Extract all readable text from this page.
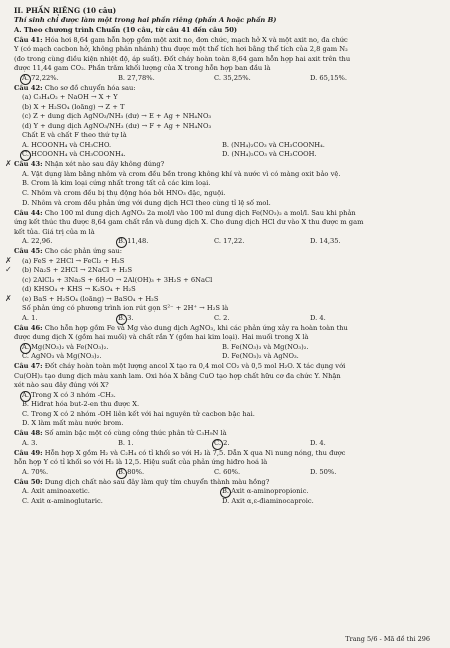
II. PHẦN RIÊNG (10 câu)
Thí sinh chỉ được làm một trong hai phần riêng (phần A hoặc phần B)
A. Theo chương trình Chuẩn (10 câu, từ câu 41 đến câu 50)
Câu 41: Hóa hơi 8,64 gam hỗn hợp gồm một axit no, đơn chức, mạch hở X và một axit no, đa chức
Y (có mạch cacbon hở, không phân nhánh) thu được một thể tích hơi bằng thể tích của 2,8 gam N₂
(đo trong cùng điều kiện nhiệt độ, áp suất). Đốt cháy hoàn toàn 8,64 gam hỗn hợp hai axit trên thu
được 11,44 gam CO₂. Phần trăm khối lượng của X trong hỗn hợp ban đầu là
A. 72,22%.	B. 27,78%.	C. 35,25%.	D. 65,15%.
Câu 42: Cho sơ đồ chuyển hóa sau:
(a) C₃H₄O₂ + NaOH → X + Y
(b) X + H₂SO₄ (loãng) → Z + T
(c) Z + dung dịch AgNO₃/NH₃ (dư) → E + Ag + NH₄NO₃
(d) Y + dung dịch AgNO₃/NH₃ (dư) → F + Ag + NH₄NO₃
Chất E và chất F theo thứ tự là
A. HCOONH₄ và CH₃CHO.	B. (NH₄)₂CO₃ và CH₃COONH₄.
C. HCOONH₄ và CH₃COONH₄.	D. (NH₄)₂CO₃ và CH₃COOH.
✗ Câu 43: Nhận xét nào sau đây không đúng?
A. Vật dụng làm bằng nhôm và crom đều bền trong không khí và nước vì có màng oxit bảo vệ.
B. Crom là kim loại cứng nhất trong tất cả các kim loại.
C. Nhôm và crom đều bị thụ động hóa bởi HNO₃ đặc, nguội.
D. Nhôm và crom đều phản ứng với dung dịch HCl theo cùng tỉ lệ số mol.
Câu 44: Cho 100 ml dung dịch AgNO₃ 2a mol/l vào 100 ml dung dịch Fe(NO₃)₂ a mol/l. Sau khi phản
ứng kết thúc thu được 8,64 gam chất rắn và dung dịch X. Cho dung dịch HCl dư vào X thu được m gam
kết tủa. Giá trị của m là
A. 22,96.	B. 11,48.	C. 17,22.	D. 14,35.
Câu 45: Cho các phản ứng sau:
✗ (a) FeS + 2HCl → FeCl₂ + H₂S
✓ (b) Na₂S + 2HCl → 2NaCl + H₂S
(c) 2AlCl₃ + 3Na₂S + 6H₂O → 2Al(OH)₃ + 3H₂S + 6NaCl
(d) KHSO₄ + KHS → K₂SO₄ + H₂S
✗ (e) BaS + H₂SO₄ (loãng) → BaSO₄ + H₂S
Số phản ứng có phương trình ion rút gọn S²⁻ + 2H⁺ → H₂S là
A. 1.	B. 3.	C. 2.	D. 4.
Câu 46: Cho hỗn hợp gồm Fe và Mg vào dung dịch AgNO₃, khi các phản ứng xảy ra hoàn toàn thu
được dung dịch X (gồm hai muối) và chất rắn Y (gồm hai kim loại). Hai muối trong X là
A. Mg(NO₃)₂ và Fe(NO₃)₂.	B. Fe(NO₃)₃ và Mg(NO₃)₂.
C. AgNO₃ và Mg(NO₃)₂.	D. Fe(NO₃)₂ và AgNO₃.
Câu 47: Đốt cháy hoàn toàn một lượng ancol X tạo ra 0,4 mol CO₂ và 0,5 mol H₂O. X tác dụng với
Cu(OH)₂ tạo dung dịch màu xanh lam. Oxi hóa X bằng CuO tạo hợp chất hữu cơ đa chức Y. Nhận
xét nào sau đây đúng với X?
A. Trong X có 3 nhóm -CH₃.
B. Hiđrat hóa but-2-en thu được X.
C. Trong X có 2 nhóm -OH liên kết với hai nguyên tử cacbon bậc hai.
D. X làm mất màu nước brom.
Câu 48: Số amin bậc một có cùng công thức phân tử C₃H₉N là
A. 3.	B. 1.	C. 2.	D. 4.
Câu 49: Hỗn hợp X gồm H₂ và C₂H₄ có tỉ khối so với H₂ là 7,5. Dẫn X qua Ni nung nóng, thu được
hỗn hợp Y có tỉ khối so với H₂ là 12,5. Hiệu suất của phản ứng hiđro hoá là
A. 70%.	B. 80%.	C. 60%.	D. 50%.
Câu 50: Dung dịch chất nào sau đây làm quỳ tím chuyển thành màu hồng?
A. Axit aminoaxetic.	B. Axit α-aminopropionic.
C. Axit α-aminoglutaric.	D. Axit α,ε-điaminocaproic.
Trang 5/6 - Mã đề thi 296
